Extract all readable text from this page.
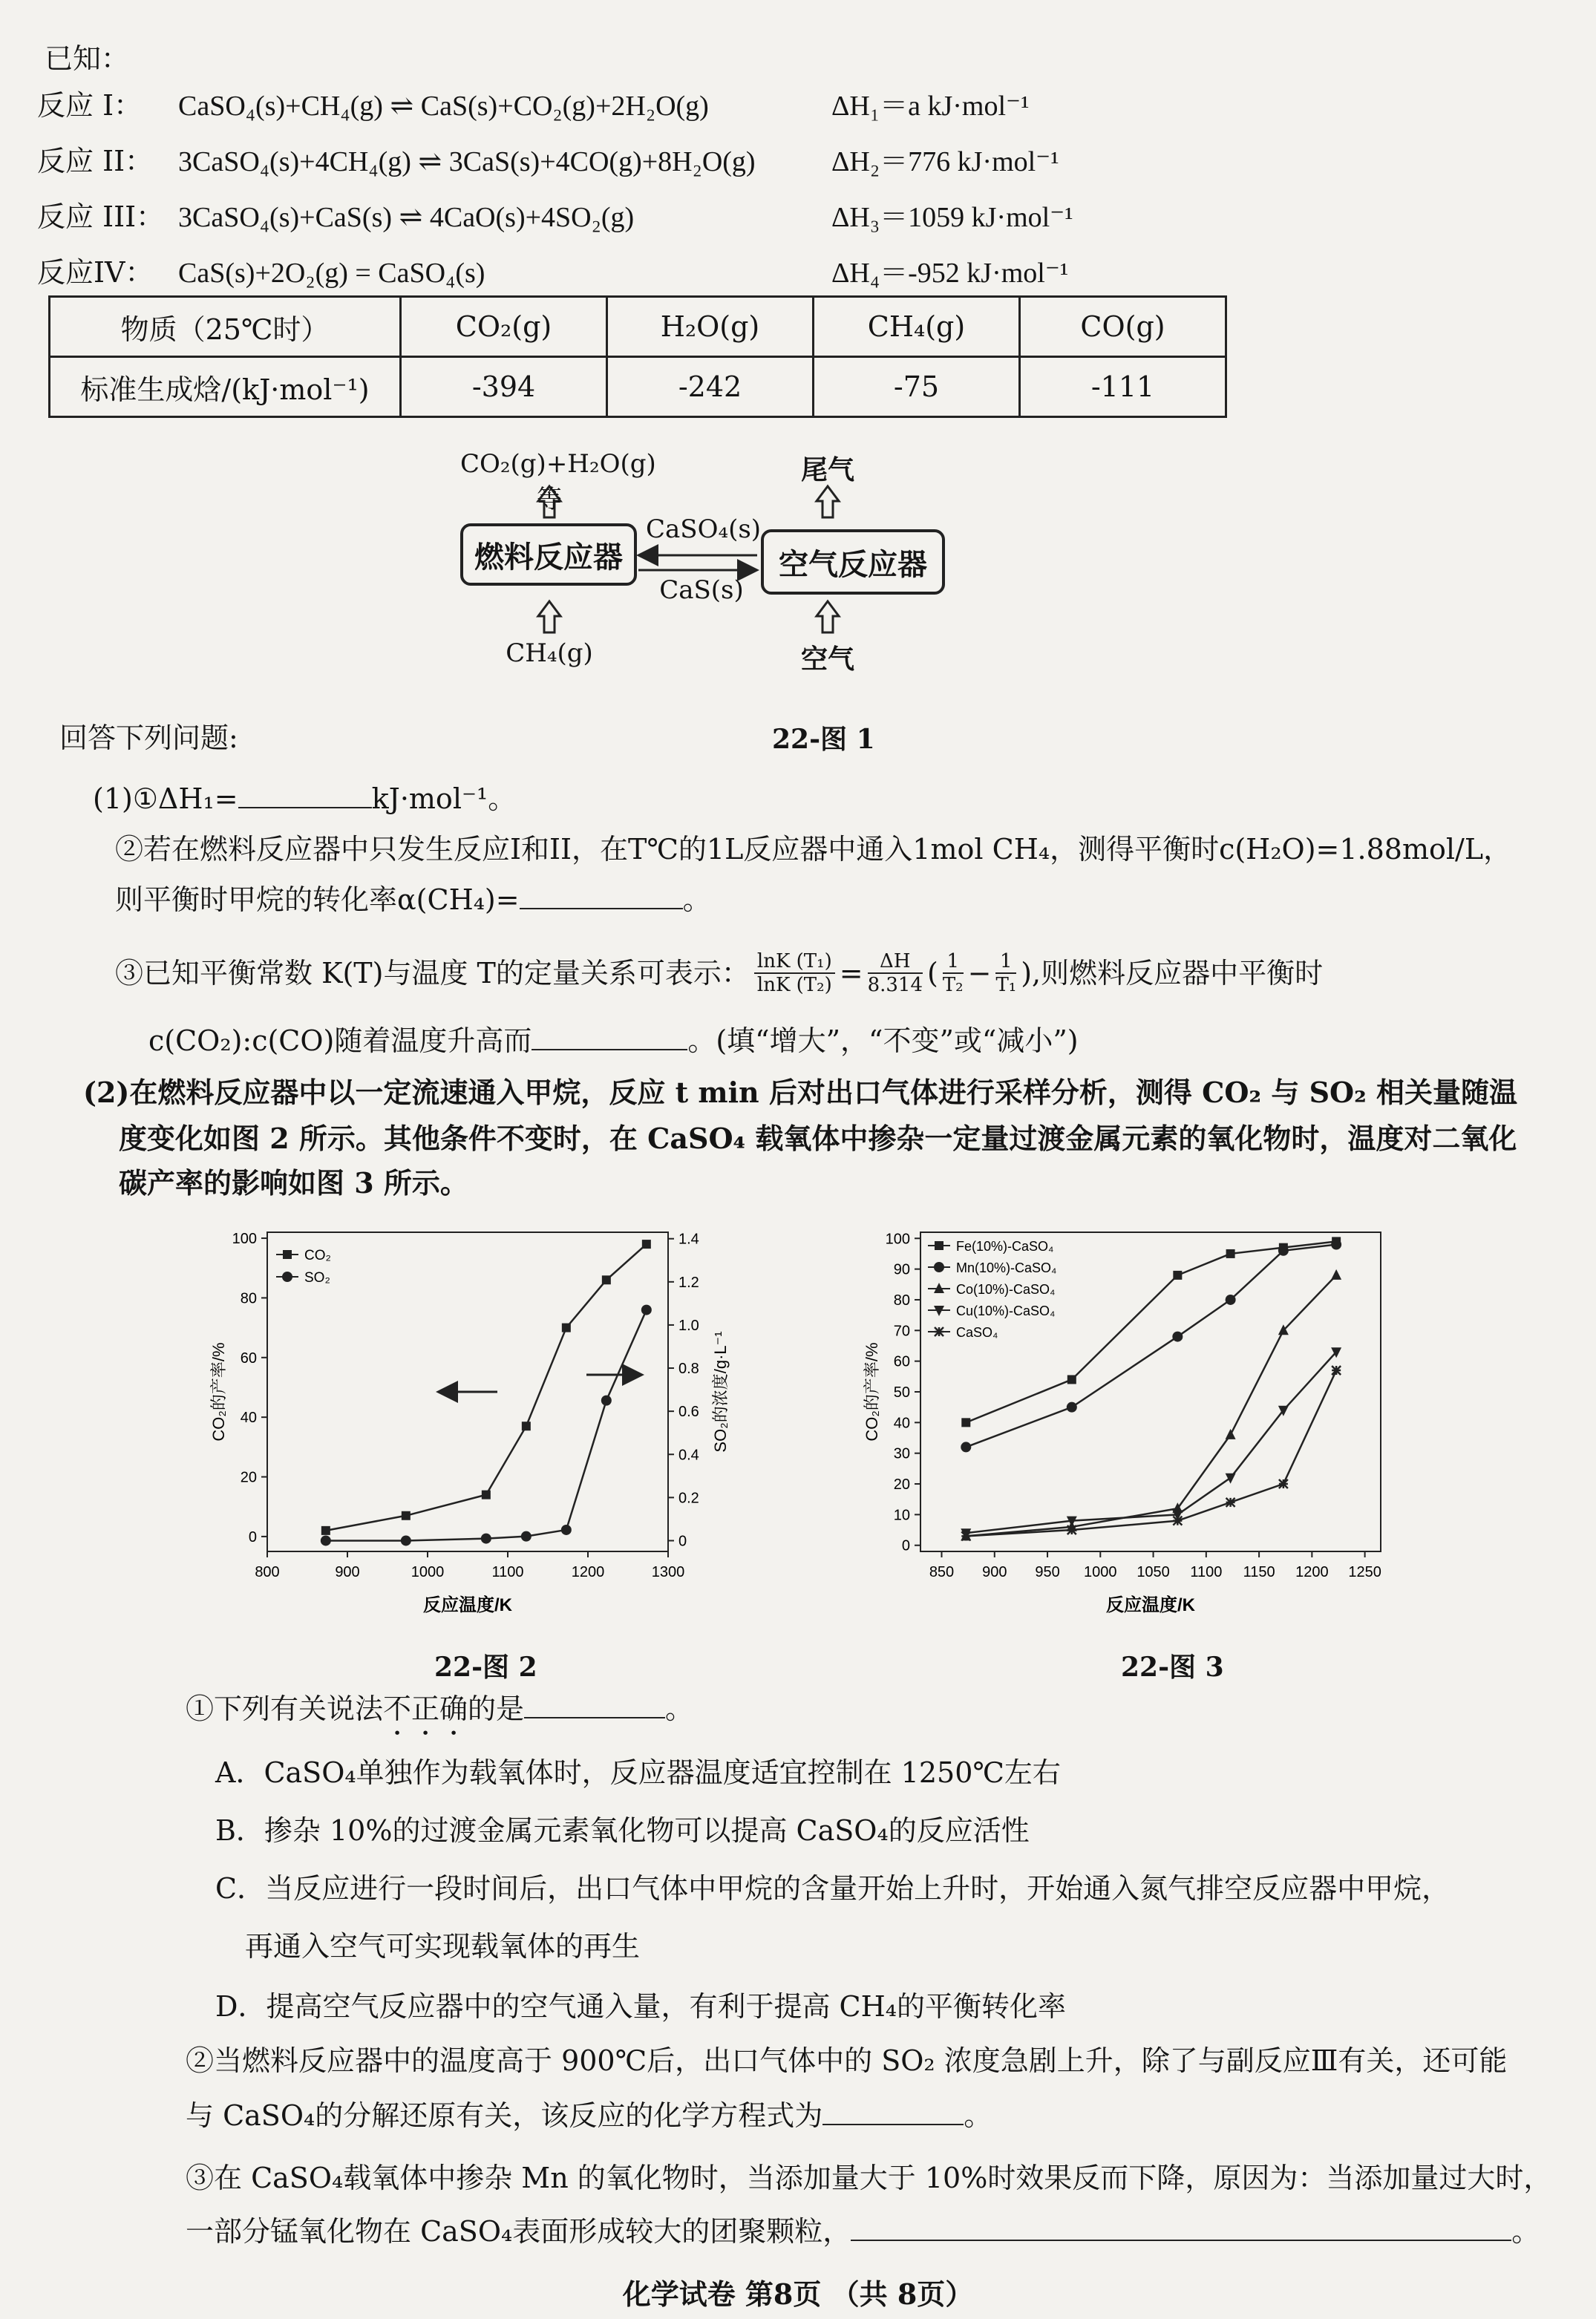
已知：
反应 I：	CaSO₄(s)+CH₄(g) ⇌ CaS(s)+CO₂(g)+2H₂O(g)	ΔH₁＝a kJ·mol⁻¹
反应 II： 3CaSO₄(s)+4CH₄(g) ⇌ 3CaS(s)+4CO(g)+8H₂O(g)	ΔH₂＝776 kJ·mol⁻¹
反应 III： 3CaSO₄(s)+CaS(s) ⇌ 4CaO(s)+4SO₂(g)	ΔH₃＝1059 kJ·mol⁻¹
反应IV： CaS(s)+2O₂(g) = CaSO₄(s)	ΔH₄＝-952 kJ·mol⁻¹
物质（25℃时）	CO₂(g)	H₂O(g)	CH₄(g)	CO(g)
标准生成焓/(kJ·mol⁻¹)	-394	-242	-75	-111
CO₂(g)+H₂O(g)等
尾气
燃料反应器	空气反应器
CaSO₄(s)
CaS(s)
CH₄(g)	空气
回答下列问题:	22-图 1
(1)①ΔH₁=	kJ·mol⁻¹。
②若在燃料反应器中只发生反应I和II，在T℃的1L反应器中通入1mol CH₄，测得平衡时c(H₂O)=1.88mol/L，
则平衡时甲烷的转化率α(CH₄)=	。
③已知平衡常数 K(T)与温度 T的定量关系可表示： $\frac{\text{lnK (T₁)}}{\text{lnK (T₂)}} = \frac{\Delta H}{8.314}$ ( $\frac{1}{\text{T₂}} - \frac{1}{\text{T₁}}$ ),则燃料反应器中平衡时
c(CO₂):c(CO)随着温度升高而	。(填“增大”，“不变”或“减小”)
(2)在燃料反应器中以一定流速通入甲烷，反应 t min 后对出口气体进行采样分析，测得 CO₂ 与 SO₂ 相关量随温
度变化如图 2 所示。其他条件不变时，在 CaSO₄ 载氧体中掺杂一定量过渡金属元素的氧化物时，温度对二氧化
碳产率的影响如图 3 所示。
800	900	1000	1100	1200	1300
0
20
40
60
80
100
0
0.2
0.4
0.6
0.8
1.0
1.2
1.4
CO₂
SO₂
CO₂的产率/%	SO₂的浓度/g·L⁻¹
反应温度/K
22-图 2
850 900 950 1000 1050 1100 1150 1200 1250
0
10
20
30
40
50
60
70
80
90
100	Fe(10%)-CaSO₄
Mn(10%)-CaSO₄
Co(10%)-CaSO₄
Cu(10%)-CaSO₄
CaSO₄
CO₂的产率/%
反应温度/K
22-图 3
①下列有关说法不正确的是	。
A．CaSO₄单独作为载氧体时，反应器温度适宜控制在 1250℃左右
B．掺杂 10%的过渡金属元素氧化物可以提高 CaSO₄的反应活性
C．当反应进行一段时间后，出口气体中甲烷的含量开始上升时，开始通入氮气排空反应器中甲烷，
再通入空气可实现载氧体的再生
D．提高空气反应器中的空气通入量，有利于提高 CH₄的平衡转化率
②当燃料反应器中的温度高于 900℃后，出口气体中的 SO₂ 浓度急剧上升，除了与副反应Ⅲ有关，还可能
与 CaSO₄的分解还原有关，该反应的化学方程式为	。
③在 CaSO₄载氧体中掺杂 Mn 的氧化物时，当添加量大于 10%时效果反而下降，原因为：当添加量过大时，
一部分锰氧化物在 CaSO₄表面形成较大的团聚颗粒，	。
化学试卷 第8页 （共 8页）
